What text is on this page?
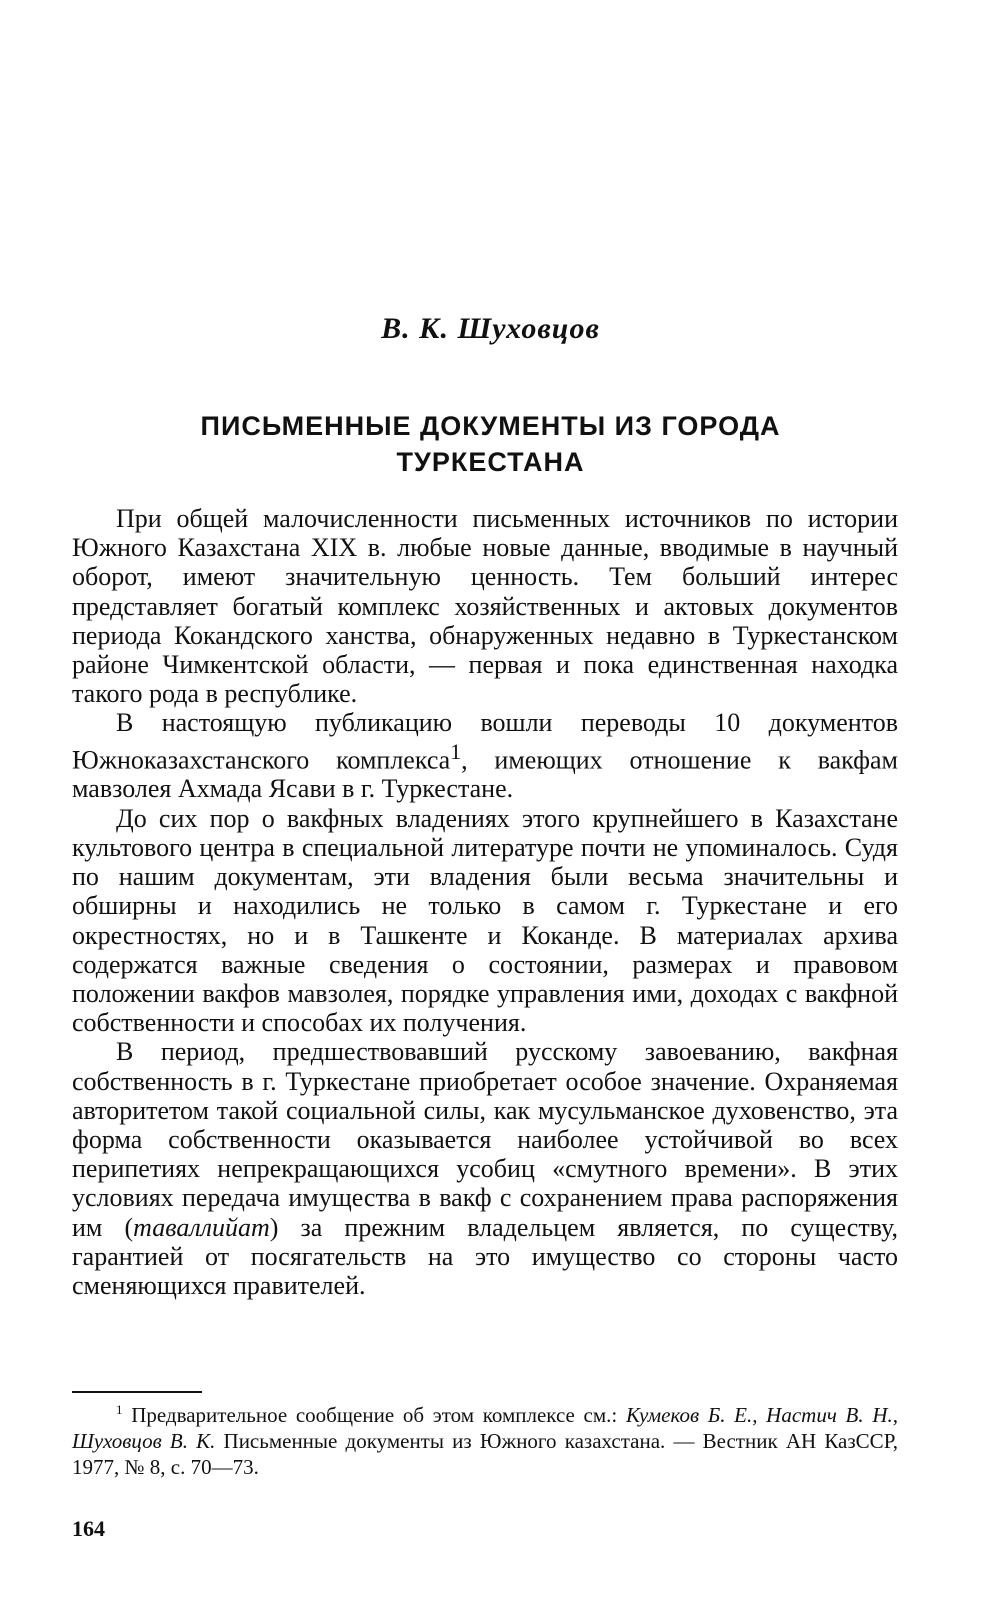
В. К. Шуховцов
ПИСЬМЕННЫЕ ДОКУМЕНТЫ ИЗ ГОРОДА
ТУРКЕСТАНА

При общей малочисленности письменных источников по истории Южного Казахстана XIX в. любые новые данные, вводимые в научный оборот, имеют значительную ценность. Тем больший интерес представляет богатый комплекс хозяйственных и актовых документов периода Кокандского ханства, обнаруженных недавно в Туркестанском районе Чимкентской области, — первая и пока единственная находка такого рода в республике.

В настоящую публикацию вошли переводы 10 документов Южноказахстанского комплекса$^1$, имеющих отношение к вакфам мавзолея Ахмада Ясави в г. Туркестане.

До сих пор о вакфных владениях этого крупнейшего в Казахстане культового центра в специальной литературе почти не упоминалось. Судя по нашим документам, эти владения были весьма значительны и обширны и находились не только в самом г. Туркестане и его окрестностях, но и в Ташкенте и Коканде. В материалах архива содержатся важные сведения о состоянии, размерах и правовом положении вакфов мавзолея, порядке управления ими, доходах с вакфной собственности и способах их получения.

В период, предшествовавший русскому завоеванию, вакфная собственность в г. Туркестане приобретает особое значение. Охраняемая авторитетом такой социальной силы, как мусульманское духовенство, эта форма собственности оказывается наиболее устойчивой во всех перипетиях непрекращающихся усобиц «смутного времени». В этих условиях передача имущества в вакф с сохранением права распоряжения им (таваллийат) за прежним владельцем является, по существу, гарантией от посягательств на это имущество со стороны часто сменяющихся правителей.

$^1$ Предварительное сообщение об этом комплексе см.: Кумеков Б. Е., Настич В. Н., Шуховцов В. К. Письменные документы из Южного казахстана. — Вестник АН КазССР, 1977, № 8, с. 70—73.
164
